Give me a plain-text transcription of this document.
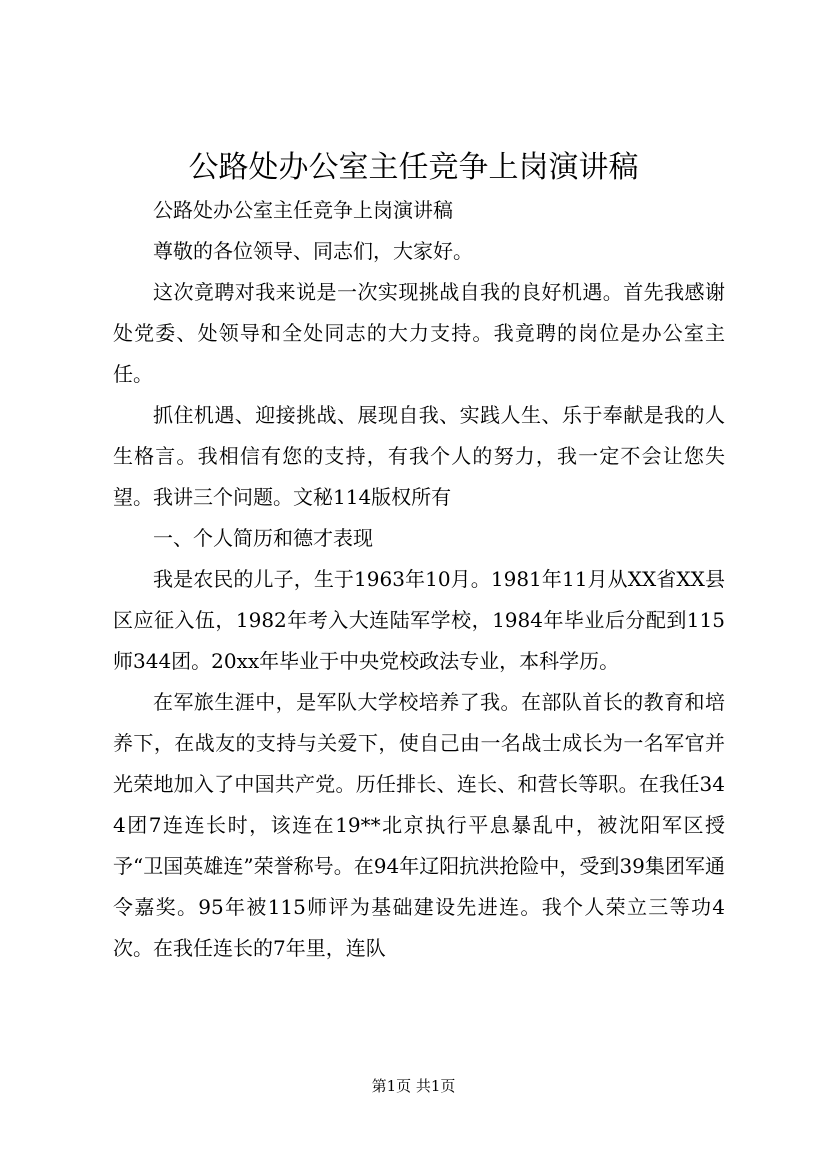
公路处办公室主任竞争上岗演讲稿

公路处办公室主任竞争上岗演讲稿

尊敬的各位领导、同志们，大家好。

这次竟聘对我来说是一次实现挑战自我的良好机遇。首先我感谢处党委、处领导和全处同志的大力支持。我竟聘的岗位是办公室主任。

抓住机遇、迎接挑战、展现自我、实践人生、乐于奉献是我的人生格言。我相信有您的支持，有我个人的努力，我一定不会让您失望。我讲三个问题。文秘114版权所有

一、个人简历和德才表现

我是农民的儿子，生于1963年10月。1981年11月从XX省XX县区应征入伍，1982年考入大连陆军学校，1984年毕业后分配到115师344团。20xx年毕业于中央党校政法专业，本科学历。

在军旅生涯中，是军队大学校培养了我。在部队首长的教育和培养下，在战友的支持与关爱下，使自己由一名战士成长为一名军官并光荣地加入了中国共产党。历任排长、连长、和营长等职。在我任344团7连连长时，该连在19**北京执行平息暴乱中，被沈阳军区授予“卫国英雄连”荣誉称号。在94年辽阳抗洪抢险中，受到39集团军通令嘉奖。95年被115师评为基础建设先进连。我个人荣立三等功4次。在我任连长的7年里，连队

第1页 共1页
